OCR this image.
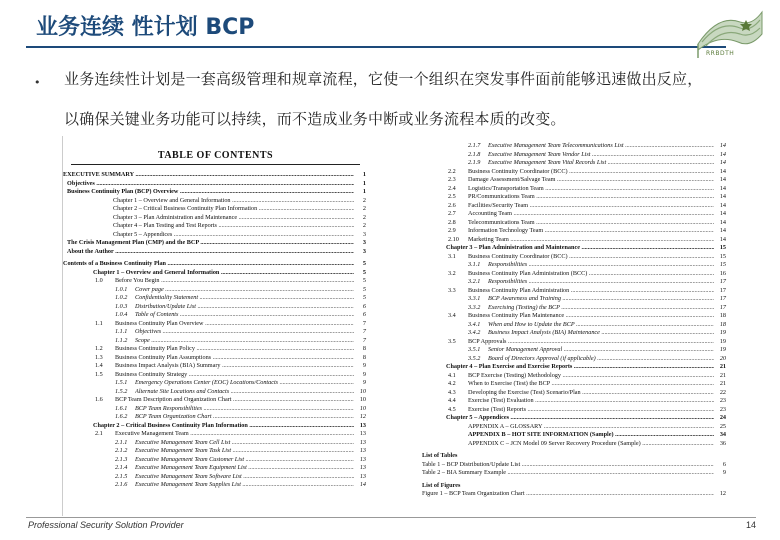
业务连续 性计划 BCP
RRBDTH
• 业务连续性计划是一套高级管理和规章流程，它使一个组织在突发事件面前能够迅速做出反应，
以确保关键业务功能可以持续，而不造成业务中断或业务流程本质的改变。
TABLE OF CONTENTS
EXECUTIVE SUMMARY .....	1
Objectives .....	1
Business Continuity Plan (BCP) Overview .....	1
Chapter 1 – Overview and General Information .....	2
Chapter 2 – Critical Business Continuity Plan Information .....	2
Chapter 3 – Plan Administration and Maintenance .....	2
Chapter 4 – Plan Testing and Test Reports .....	2
Chapter 5 – Appendices .....	3
The Crisis Management Plan (CMP) and the BCP .....	3
About the Author .....	3
Contents of a Business Continuity Plan .....	5
Chapter 1 – Overview and General Information .....	5
1.0 Before You Begin .....	5
1.0.1 Cover page .....	5
1.0.2 Confidentiality Statement .....	5
1.0.3 Distribution/Update List .....	6
1.0.4 Table of Contents .....	6
1.1 Business Continuity Plan Overview .....	7
1.1.1 Objectives .....	7
1.1.2 Scope .....	7
1.2 Business Continuity Plan Policy .....	8
1.3 Business Continuity Plan Assumptions .....	8
1.4 Business Impact Analysis (BIA) Summary .....	9
1.5 Business Continuity Strategy .....	9
1.5.1 Emergency Operations Center (EOC) Locations/Contacts .....	9
1.5.2 Alternate Site Locations and Contacts .....	10
1.6 BCP Team Description and Organization Chart .....	10
1.6.1 BCP Team Responsibilities .....	10
1.6.2 BCP Team Organization Chart .....	12
Chapter 2 – Critical Business Continuity Plan Information .....	13
2.1 Executive Management Team .....	13
2.1.1 Executive Management Team Cell List .....	13
2.1.2 Executive Management Team Task List .....	13
2.1.3 Executive Management Team Customer List .....	13
2.1.4 Executive Management Team Equipment List .....	13
2.1.5 Executive Management Team Software List .....	13
2.1.6 Executive Management Team Supplies List .....	14
2.1.7 Executive Management Team Telecommunications List .....	14
2.1.8 Executive Management Team Vendor List .....	14
2.1.9 Executive Management Team Vital Records List .....	14
2.2 Business Continuity Coordinator (BCC) .....	14
2.3 Damage Assessment/Salvage Team .....	14
2.4 Logistics/Transportation Team .....	14
2.5 PR/Communications Team .....	14
2.6 Facilities/Security Team .....	14
2.7 Accounting Team .....	14
2.8 Telecommunications Team .....	14
2.9 Information Technology Team .....	14
2.10 Marketing Team .....	14
Chapter 3 – Plan Administration and Maintenance .....	15
3.1 Business Continuity Coordinator (BCC) .....	15
3.1.1 Responsibilities .....	15
3.2 Business Continuity Plan Administration (BCC) .....	16
3.2.1 Responsibilities .....	17
3.3 Business Continuity Plan Administration .....	17
3.3.1 BCP Awareness and Training .....	17
3.3.2 Exercising (Testing) the BCP .....	17
3.4 Business Continuity Plan Maintenance .....	18
3.4.1 When and How to Update the BCP .....	18
3.4.2 Business Impact Analysis (BIA) Maintenance .....	19
3.5 BCP Approvals .....	19
3.5.1 Senior Management Approval .....	19
3.5.2 Board of Directors Approval (if applicable) .....	20
Chapter 4 – Plan Exercise and Exercise Reports .....	21
4.1 BCP Exercise (Testing) Methodology .....	21
4.2 When to Exercise (Test) the BCP .....	21
4.3 Developing the Exercise (Test) Scenario/Plan .....	22
4.4 Exercise (Test) Evaluation .....	23
4.5 Exercise (Test) Reports .....	23
Chapter 5 – Appendices .....	24
APPENDIX A – GLOSSARY .....	25
APPENDIX B – HOT SITE INFORMATION (Sample) .....	34
APPENDIX C – JCN Model 09 Server Recovery Procedure (Sample) .....	36
List of Tables
Table 1 – BCP Distribution/Update List .....	6
Table 2 – BIA Summary Example .....	9
List of Figures
Figure 1 – BCP Team Organization Chart .....	12
Professional Security Solution Provider	14
